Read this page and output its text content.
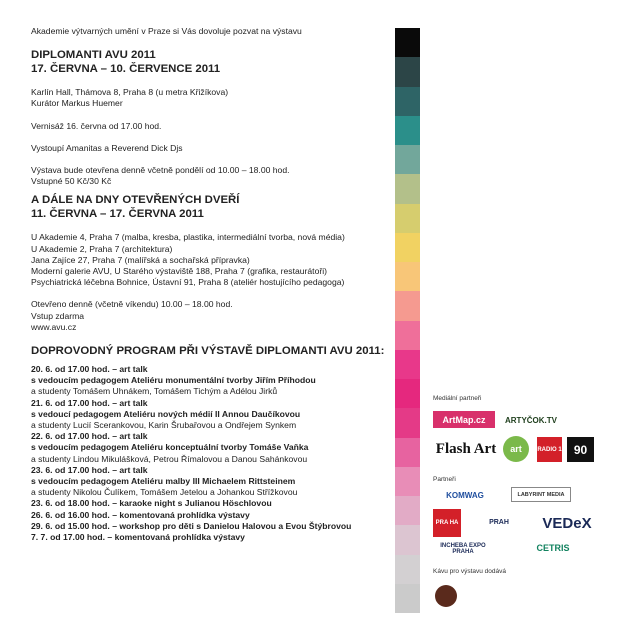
Akademie výtvarných umění v Praze si Vás dovoluje pozvat na výstavu

DIPLOMANTI AVU 2011

17. ČERVNA – 10. ČERVENCE 2011

Karlín Hall, Thámova 8, Praha 8 (u metra Křižíkova)

Kurátor Markus Huemer

Vernisáž 16. června od 17.00 hod.

Vystoupí Amanitas a Reverend Dick Djs

Výstava bude otevřena denně včetně pondělí od 10.00 – 18.00 hod.

Vstupné 50 Kč/30 Kč

A DÁLE NA DNY OTEVŘENÝCH DVEŘÍ

11. ČERVNA – 17. ČERVNA 2011

U Akademie 4, Praha 7 (malba, kresba, plastika, intermediální tvorba, nová média)

U Akademie 2, Praha 7 (architektura)

Jana Zajíce 27, Praha 7 (malířská a sochařská přípravka)

Moderní galerie AVU, U Starého výstaviště 188, Praha 7 (grafika, restaurátoři)

Psychiatrická léčebna Bohnice, Ústavní 91, Praha 8 (ateliér hostujícího pedagoga)

Otevřeno denně (včetně víkendu) 10.00 – 18.00 hod.

Vstup zdarma

www.avu.cz

DOPROVODNÝ PROGRAM PŘI VÝSTAVĚ DIPLOMANTI AVU 2011:

20. 6. od 17.00 hod. – art talk

s vedoucím pedagogem Ateliéru monumentální tvorby Jiřím Příhodou

a studenty Tomášem Uhnákem, Tomášem Tichým a Adélou Jirků

21. 6. od 17.00 hod. – art talk

s vedoucí pedagogem Ateliéru nových médií II Annou Daučíkovou

a studenty Lucií Scerankovou, Karin Šrubařovou a Ondřejem Synkem

22. 6. od 17.00 hod. – art talk

s vedoucím pedagogem Ateliéru konceptuální tvorby Tomáše Vaňka

a studenty Lindou Mikulášková, Petrou Římalovou a Danou Sahánkovou

23. 6. od 17.00 hod. – art talk

s vedoucím pedagogem Ateliéru malby III Michaelem Rittsteinem

a studenty Nikolou Čulíkem, Tomášem Jetelou a Johankou Střížkovou

23. 6. od 18.00 hod. – karaoke night s Julianou Höschlovou

26. 6. od 16.00 hod. – komentovaná prohlídka výstavy

29. 6. od 15.00 hod. – workshop pro děti s Danielou Halovou a Evou Štýbrovou

7. 7. od 17.00 hod. – komentovaná prohlídka výstavy

Mediální partneři
ArtMap.cz	ARTYČOK.TV
Flash Art	art	RADIO 1	90
Partneři
KOMWAG	LABYRINT MEDIA
PRA HA	PRAH	VEDeX
INCHEBA EXPO PRAHA	CETRIS
Kávu pro výstavu dodává
